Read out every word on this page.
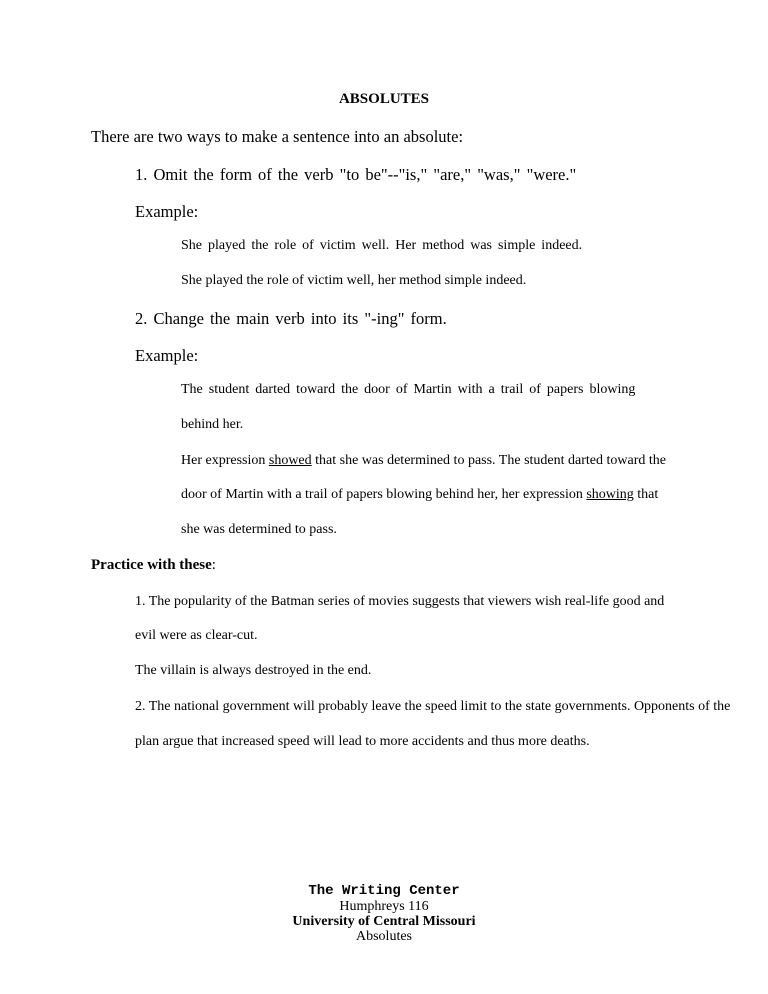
ABSOLUTES
There are two ways to make a sentence into an absolute:
1. Omit the form of the verb "to be"--"is," "are," "was," "were."
Example:
She played the role of victim well. Her method was simple indeed.
She played the role of victim well, her method simple indeed.
2. Change the main verb into its "-ing" form.
Example:
The student darted toward the door of Martin with a trail of papers blowing
behind her.
Her expression showed that she was determined to pass. The student darted toward the
door of Martin with a trail of papers blowing behind her, her expression showing that
she was determined to pass.
Practice with these:
1. The popularity of the Batman series of movies suggests that viewers wish real-life good and
evil were as clear-cut.
The villain is always destroyed in the end.
2. The national government will probably leave the speed limit to the state governments. Opponents of the
plan argue that increased speed will lead to more accidents and thus more deaths.
The Writing Center
Humphreys 116
University of Central Missouri
Absolutes
